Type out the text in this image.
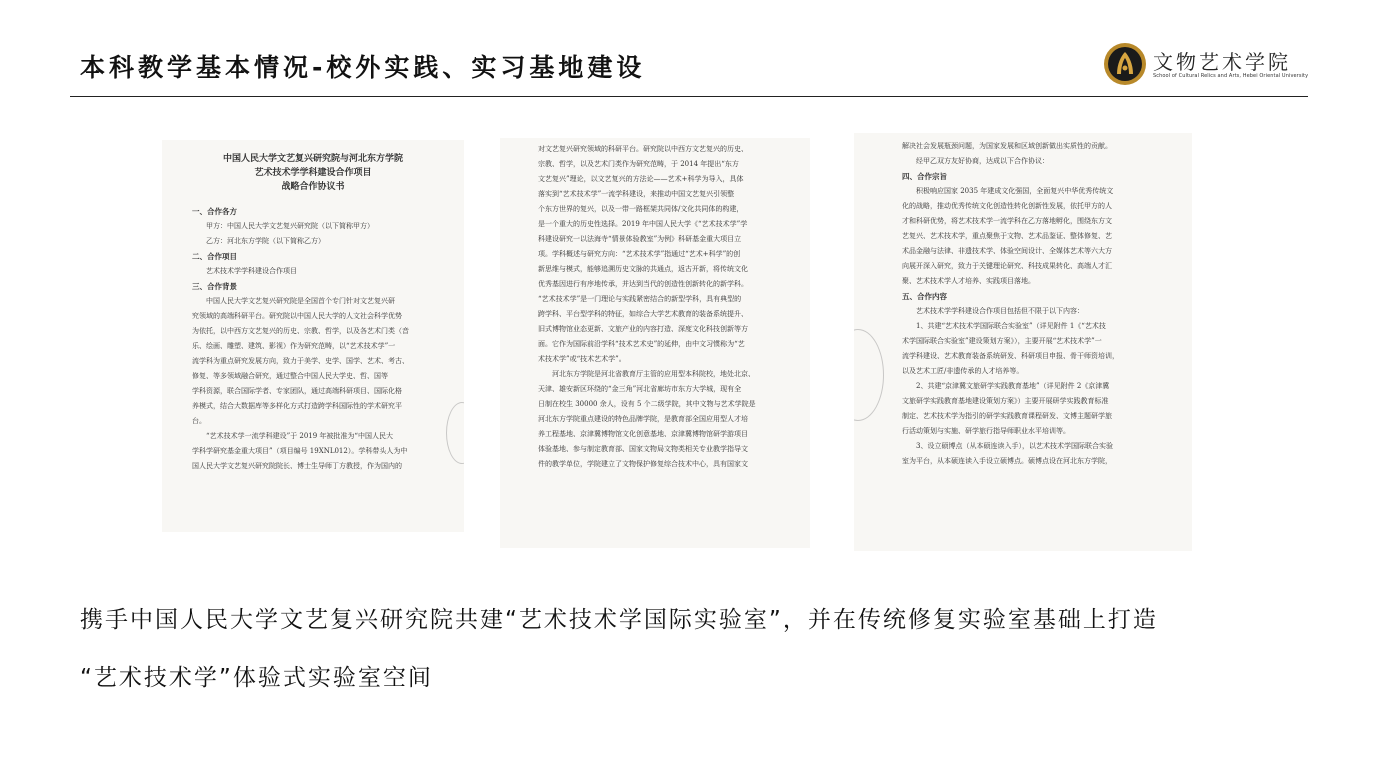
本科教学基本情况-校外实践、实习基地建设	文物艺术学院
School of Cultural Relics and Arts, Hebei Oriental University
中国人民大学文艺复兴研究院与河北东方学院
艺术技术学学科建设合作项目
战略合作协议书
一、合作各方
甲方：中国人民大学文艺复兴研究院（以下简称甲方）
乙方：河北东方学院（以下简称乙方）
二、合作项目
艺术技术学学科建设合作项目
三、合作背景
中国人民大学文艺复兴研究院是全国首个专门针对文艺复兴研
究领域的高端科研平台。研究院以中国人民大学的人文社会科学优势
为依托，以中西方文艺复兴的历史、宗教、哲学，以及各艺术门类（音
乐、绘画、雕塑、建筑、影视）作为研究范畴，以“艺术技术学”一
流学科为重点研究发展方向，致力于美学、史学、国学、艺术、考古、
修复、等多领域融合研究，通过整合中国人民大学史、哲、国等
学科资源，联合国际学者、专家团队，通过高端科研项目、国际化格
养模式，结合大数据库等多样化方式打造跨学科国际性的学术研究平
台。
“艺术技术学一流学科建设”于 2019 年被批准为“中国人民大
学科学研究基金重大项目”（项目编号 19XNL012）。学科带头人为中
国人民大学文艺复兴研究院院长、博士生导师丁方教授，作为国内的
对文艺复兴研究领域的科研平台。研究院以中西方文艺复兴的历史、
宗教、哲学，以及艺术门类作为研究范畴，于 2014 年提出“东方
文艺复兴”理论，以文艺复兴的方法论——艺术+科学为导入，具体
落实到“艺术技术学”一流学科建设，来推动中国文艺复兴引领整
个东方世界的复兴，以及一带一路框架共同体/文化共同体的构建，
是一个重大的历史性选择。2019 年中国人民大学《“艺术技术学”学
科建设研究一以法海寺“情景体验教室”为例》科研基金重大项目立
项。学科概述与研究方向：“艺术技术学”指通过“艺术+科学”的创
新思维与模式，能够追溯历史文脉的共通点，返古开新，将传统文化
优秀基因进行有序地传承，并达到当代的创造性创新转化的新学科。
“艺术技术学”是一门理论与实践紧密结合的新型学科，具有典型的
跨学科、平台型学科的特征，如综合大学艺术教育的装备系统提升、
旧式博物馆业态更新、文旅产业的内容打造、深度文化科技创新等方
面。它作为国际前沿学科“技术艺术史”的延伸，由中文习惯称为“艺
术技术学”或“技术艺术学”。
河北东方学院是河北省教育厅主管的应用型本科院校，地处北京、
天津、雄安新区环绕的“金三角”河北省廊坊市东方大学城，现有全
日制在校生 30000 余人，设有 5 个二级学院，其中文物与艺术学院是
河北东方学院重点建设的特色品牌学院，是教育部全国应用型人才培
养工程基地、京津冀博物馆文化创意基地、京津冀博物馆研学游项目
体验基地、参与制定教育部、国家文物局文物类相关专业教学指导文
件的教学单位，学院建立了文物保护修复综合技术中心，具有国家文
解决社会发展瓶颈问题，为国家发展和区域创新做出实质性的贡献。
经甲乙双方友好协商，达成以下合作协议：
四、合作宗旨
积极响应国家 2035 年建成文化强国，全面复兴中华优秀传统文
化的战略，推动优秀传统文化创造性转化创新性发展，依托甲方的人
才和科研优势，将艺术技术学一流学科在乙方落地孵化，围绕东方文
艺复兴、艺术技术学，重点聚焦于文物、艺术品鉴证、整体修复、艺
术品金融与法律、非遗技术学、体验空间设计、全媒体艺术等六大方
向展开深入研究，致力于关键理论研究、科技成果转化、高端人才汇
聚、艺术技术学人才培养、实践项目落地。
五、合作内容
艺术技术学学科建设合作项目包括但不限于以下内容：
1、共建“艺术技术学国际联合实验室”（详见附件 1《“艺术技
术学国际联合实验室”建设策划方案》），主要开展“艺术技术学”一
流学科建设、艺术教育装备系统研发、科研项目申报、骨干师资培训，
以及艺术工匠/非遗传承的人才培养等。
2、共建“京津冀文旅研学实践教育基地”（详见附件 2《京津冀
文旅研学实践教育基地建设策划方案》）主要开展研学实践教育标准
制定、艺术技术学为指引的研学实践教育课程研发、文博主题研学旅
行活动策划与实施、研学旅行指导师职业水平培训等。
3、设立硕博点（从本硕连读入手），以艺术技术学国际联合实验
室为平台，从本硕连读入手设立硕博点。硕博点设在河北东方学院，
携手中国人民大学文艺复兴研究院共建“艺术技术学国际实验室”，并在传统修复实验室基础上打造
“艺术技术学”体验式实验室空间
